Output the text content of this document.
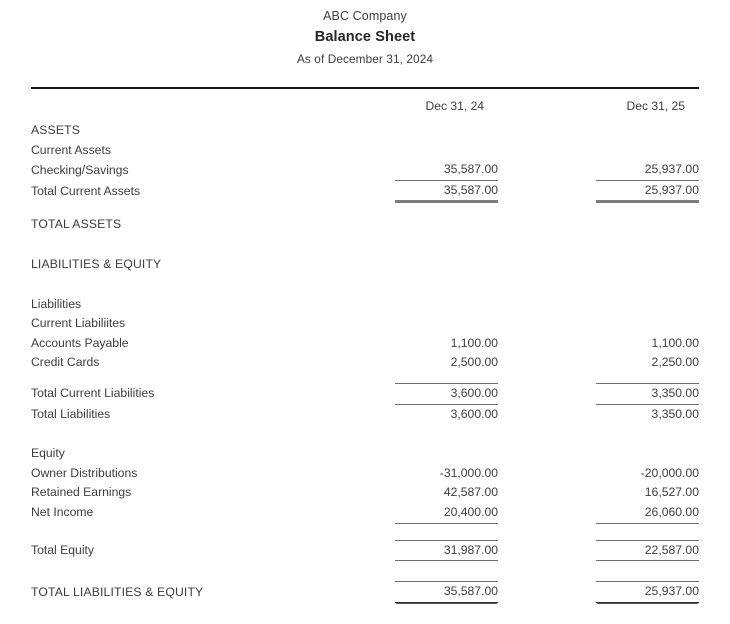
ABC Company
Balance Sheet
As of December 31, 2024

		Dec 31, 24		Dec 31, 25

ASSETS				
Current Assets				
Checking/Savings		35,587.00		25,937.00
Total Current Assets		35,587.00		25,937.00

TOTAL ASSETS				

LIABILITIES & EQUITY				

Liabilities				
Current Liabiliites				
Accounts Payable		1,100.00		1,100.00
Credit Cards		2,500.00		2,250.00

Total Current Liabilities		3,600.00		3,350.00
Total Liabilities		3,600.00		3,350.00

Equity				
Owner Distributions		-31,000.00		-20,000.00
Retained Earnings		42,587.00		16,527.00
Net Income		20,400.00		26,060.00

Total Equity		31,987.00		22,587.00

TOTAL LIABILITIES & EQUITY		35,587.00		25,937.00
